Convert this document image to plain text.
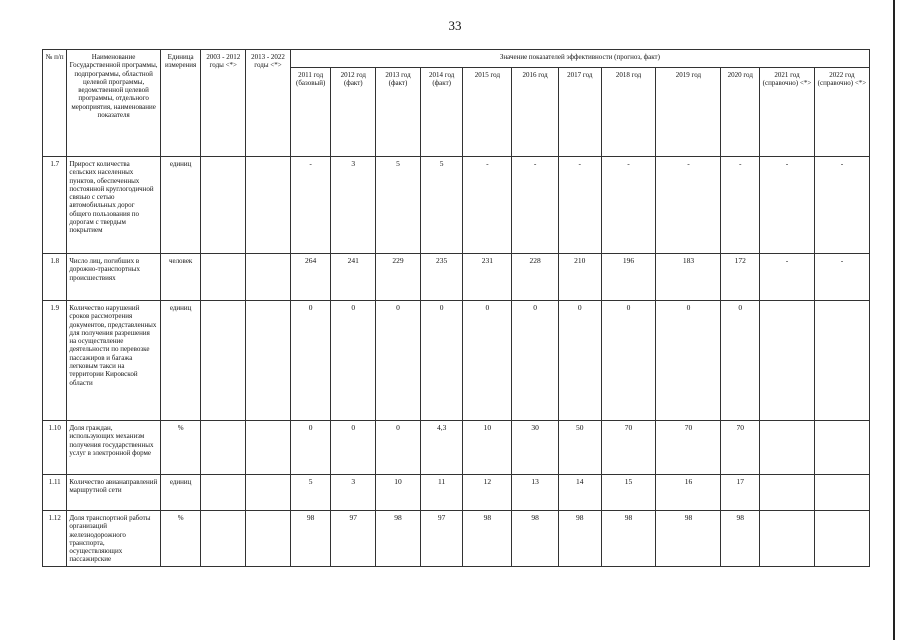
33
№ п/п	Наименование Государственной программы, подпрограммы, областной целевой программы, ведомственной целевой программы, отдельного мероприятия, наименование показателя	Единица измерения	2003 - 2012 годы <*>	2013 - 2022 годы <*>	Значение показателей эффективности (прогноз, факт)											
					2011 год (базовый)	2012 год (факт)	2013 год (факт)	2014 год (факт)	2015 год	2016 год	2017 год	2018 год	2019 год	2020 год	2021 год (справочно) <*>	2022 год (справочно) <*>
1.7	Прирост количества сельских населенных пунктов, обеспеченных постоянной круглогодичной связью с сетью автомобильных дорог общего пользования по дорогам с твердым покрытием	единиц			-	3	5	5	-	-	-	-	-	-	-	-
1.8	Число лиц, погибших в дорожно-транспортных происшествиях	человек			264	241	229	235	231	228	210	196	183	172	-	-
1.9	Количество нарушений сроков рассмотрения документов, представленных для получения разрешения на осуществление деятельности по перевозке пассажиров и багажа легковым такси на территории Кировской области	единиц			0	0	0	0	0	0	0	0	0	0		
1.10	Доля граждан, использующих механизм получения государственных услуг в электронной форме	%			0	0	0	4,3	10	30	50	70	70	70		
1.11	Количество авианаправлений маршрутной сети	единиц			5	3	10	11	12	13	14	15	16	17		
1.12	Доля транспортной работы организаций железнодорожного транспорта, осуществляющих пассажирские	%			98	97	98	97	98	98	98	98	98	98		
